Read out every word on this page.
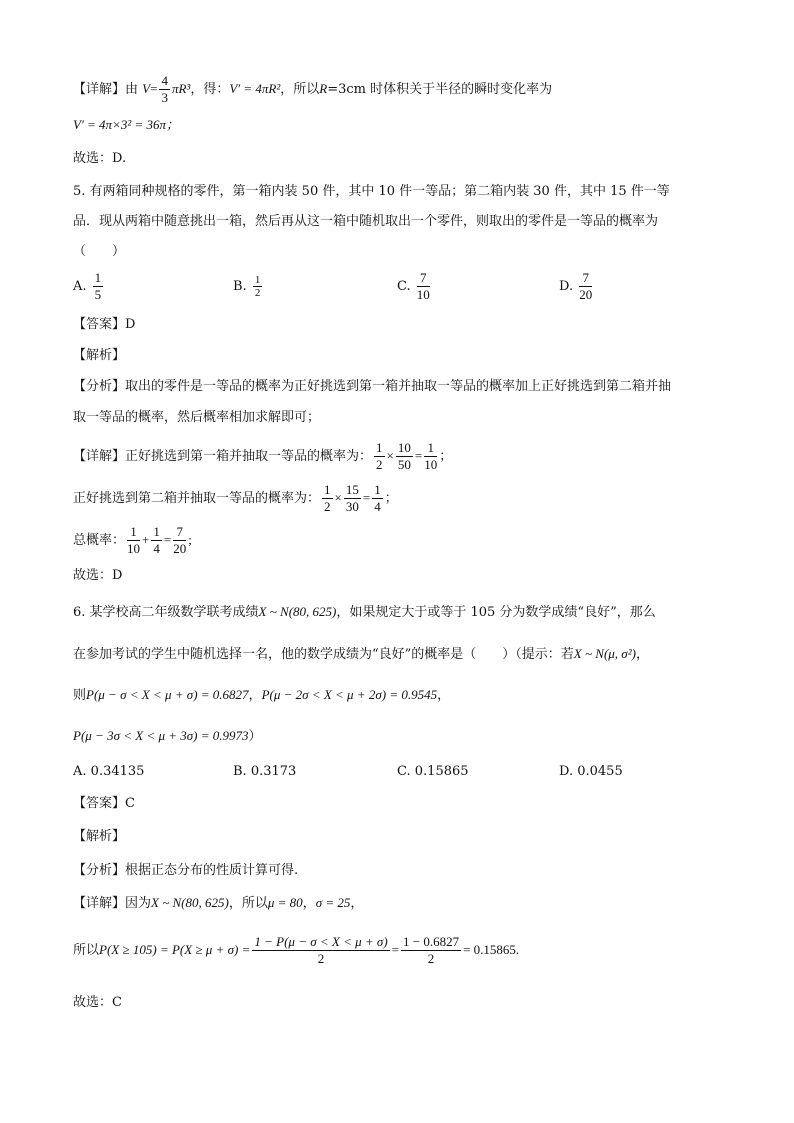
【详解】由 $V= \frac{4}{3} \pi R^3$，得：V′ = 4πR²，所以R=3cm 时体积关于半径的瞬时变化率为
V′ = 4π×3² = 36π；
故选：D.
5. 有两箱同种规格的零件，第一箱内装 50 件，其中 10 件一等品；第二箱内装 30 件，其中 15 件一等
品．现从两箱中随意挑出一箱，然后再从这一箱中随机取出一个零件，则取出的零件是一等品的概率为
（　　）
A. $\frac{1}{5}$	B. $\frac{1}{2}$	C. $\frac{7}{10}$	D. $\frac{7}{20}$
【答案】D
【解析】
【分析】取出的零件是一等品的概率为正好挑选到第一箱并抽取一等品的概率加上正好挑选到第二箱并抽
取一等品的概率，然后概率相加求解即可；
【详解】正好挑选到第一箱并抽取一等品的概率为： $\frac{1}{2} \times \frac{10}{50} = \frac{1}{10}$ ；
正好挑选到第二箱并抽取一等品的概率为： $\frac{1}{2} \times \frac{15}{30} = \frac{1}{4}$ ；
总概率： $\frac{1}{10} + \frac{1}{4} = \frac{7}{20}$ ;
故选：D
6. 某学校高二年级数学联考成绩X ~ N(80, 625)，如果规定大于或等于 105 分为数学成绩“良好”，那么
在参加考试的学生中随机选择一名，他的数学成绩为“良好”的概率是（　　）（提示：若X ~ N(μ, σ²)，
则P(μ − σ < X < μ + σ) = 0.6827，P(μ − 2σ < X < μ + 2σ) = 0.9545，
P(μ − 3σ < X < μ + 3σ) = 0.9973）
A. 0.34135	B. 0.3173	C. 0.15865	D. 0.0455
【答案】C
【解析】
【分析】根据正态分布的性质计算可得.
【详解】因为X ~ N(80, 625)，所以μ = 80，σ = 25，
所以$P(X \ge 105) = P(X \ge \mu + \sigma) = \frac{1 - P(\mu - \sigma < X < \mu + \sigma)}{2} = \frac{1 - 0.6827}{2} = 0.15865$.
故选：C
